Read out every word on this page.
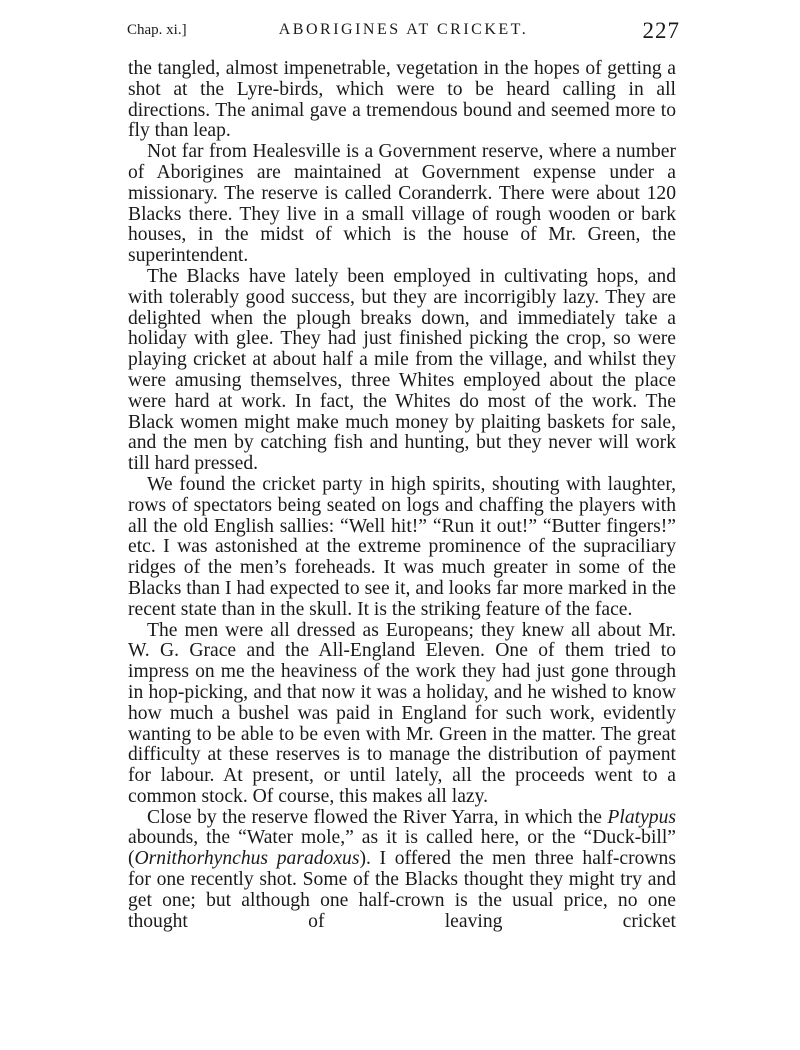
Chap. xi.]	ABORIGINES AT CRICKET.	227

the tangled, almost impenetrable, vegetation in the hopes of getting a shot at the Lyre-birds, which were to be heard calling in all directions. The animal gave a tremendous bound and seemed more to fly than leap.

Not far from Healesville is a Government reserve, where a number of Aborigines are maintained at Government expense under a missionary. The reserve is called Coranderrk. There were about 120 Blacks there. They live in a small village of rough wooden or bark houses, in the midst of which is the house of Mr. Green, the superintendent.

The Blacks have lately been employed in cultivating hops, and with tolerably good success, but they are incorrigibly lazy. They are delighted when the plough breaks down, and immediately take a holiday with glee. They had just finished picking the crop, so were playing cricket at about half a mile from the village, and whilst they were amusing themselves, three Whites employed about the place were hard at work. In fact, the Whites do most of the work. The Black women might make much money by plaiting baskets for sale, and the men by catching fish and hunting, but they never will work till hard pressed.

We found the cricket party in high spirits, shouting with laughter, rows of spectators being seated on logs and chaffing the players with all the old English sallies: “Well hit!” “Run it out!” “Butter fingers!” etc. I was astonished at the extreme prominence of the supraciliary ridges of the men’s foreheads. It was much greater in some of the Blacks than I had expected to see it, and looks far more marked in the recent state than in the skull. It is the striking feature of the face.

The men were all dressed as Europeans; they knew all about Mr. W. G. Grace and the All-England Eleven. One of them tried to impress on me the heaviness of the work they had just gone through in hop-picking, and that now it was a holiday, and he wished to know how much a bushel was paid in England for such work, evidently wanting to be able to be even with Mr. Green in the matter. The great difficulty at these reserves is to manage the distribution of payment for labour. At present, or until lately, all the proceeds went to a common stock. Of course, this makes all lazy.

Close by the reserve flowed the River Yarra, in which the Platypus abounds, the “Water mole,” as it is called here, or the “Duck-bill” (Ornithorhynchus paradoxus). I offered the men three half-crowns for one recently shot. Some of the Blacks thought they might try and get one; but although one half-crown is the usual price, no one thought of leaving cricket
